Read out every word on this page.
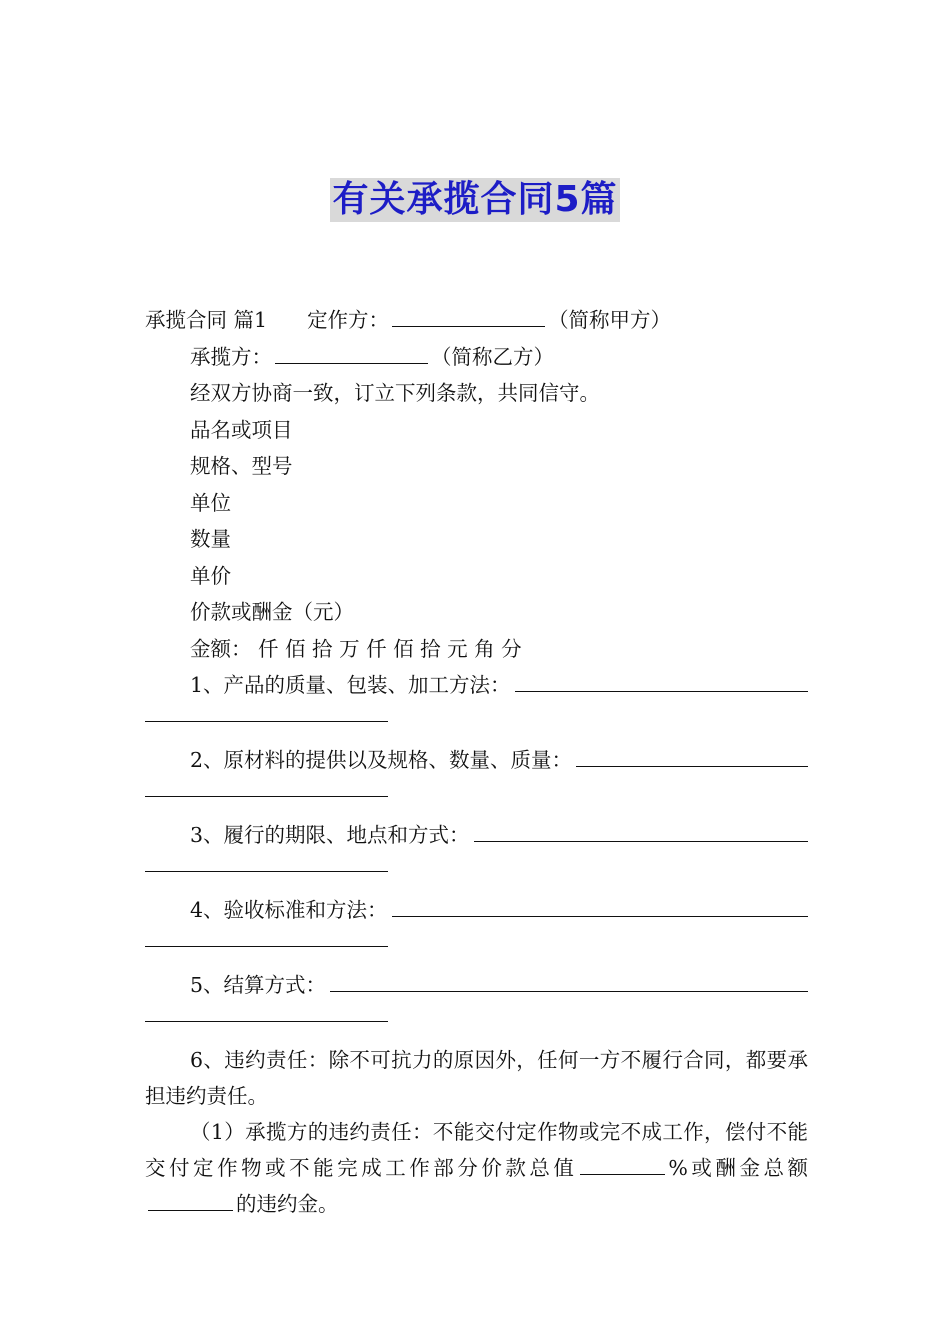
有关承揽合同5篇
承揽合同 篇1 定作方：	（简称甲方）
承揽方：	（简称乙方）
经双方协商一致，订立下列条款，共同信守。
品名或项目
规格、型号
单位
数量
单价
价款或酬金（元）
金额： 仟 佰 拾 万 仟 佰 拾 元 角 分
1、产品的质量、包装、加工方法：
2、原材料的提供以及规格、数量、质量：
3、履行的期限、地点和方式：
4、验收标准和方法：
5、结算方式：
6、违约责任：除不可抗力的原因外，任何一方不履行合同，都要承担违约责任。
（1）承揽方的违约责任：不能交付定作物或完不成工作，偿付不能交付定作物或不能完成工作部分价款总值	%或酬金总额的违约金。
